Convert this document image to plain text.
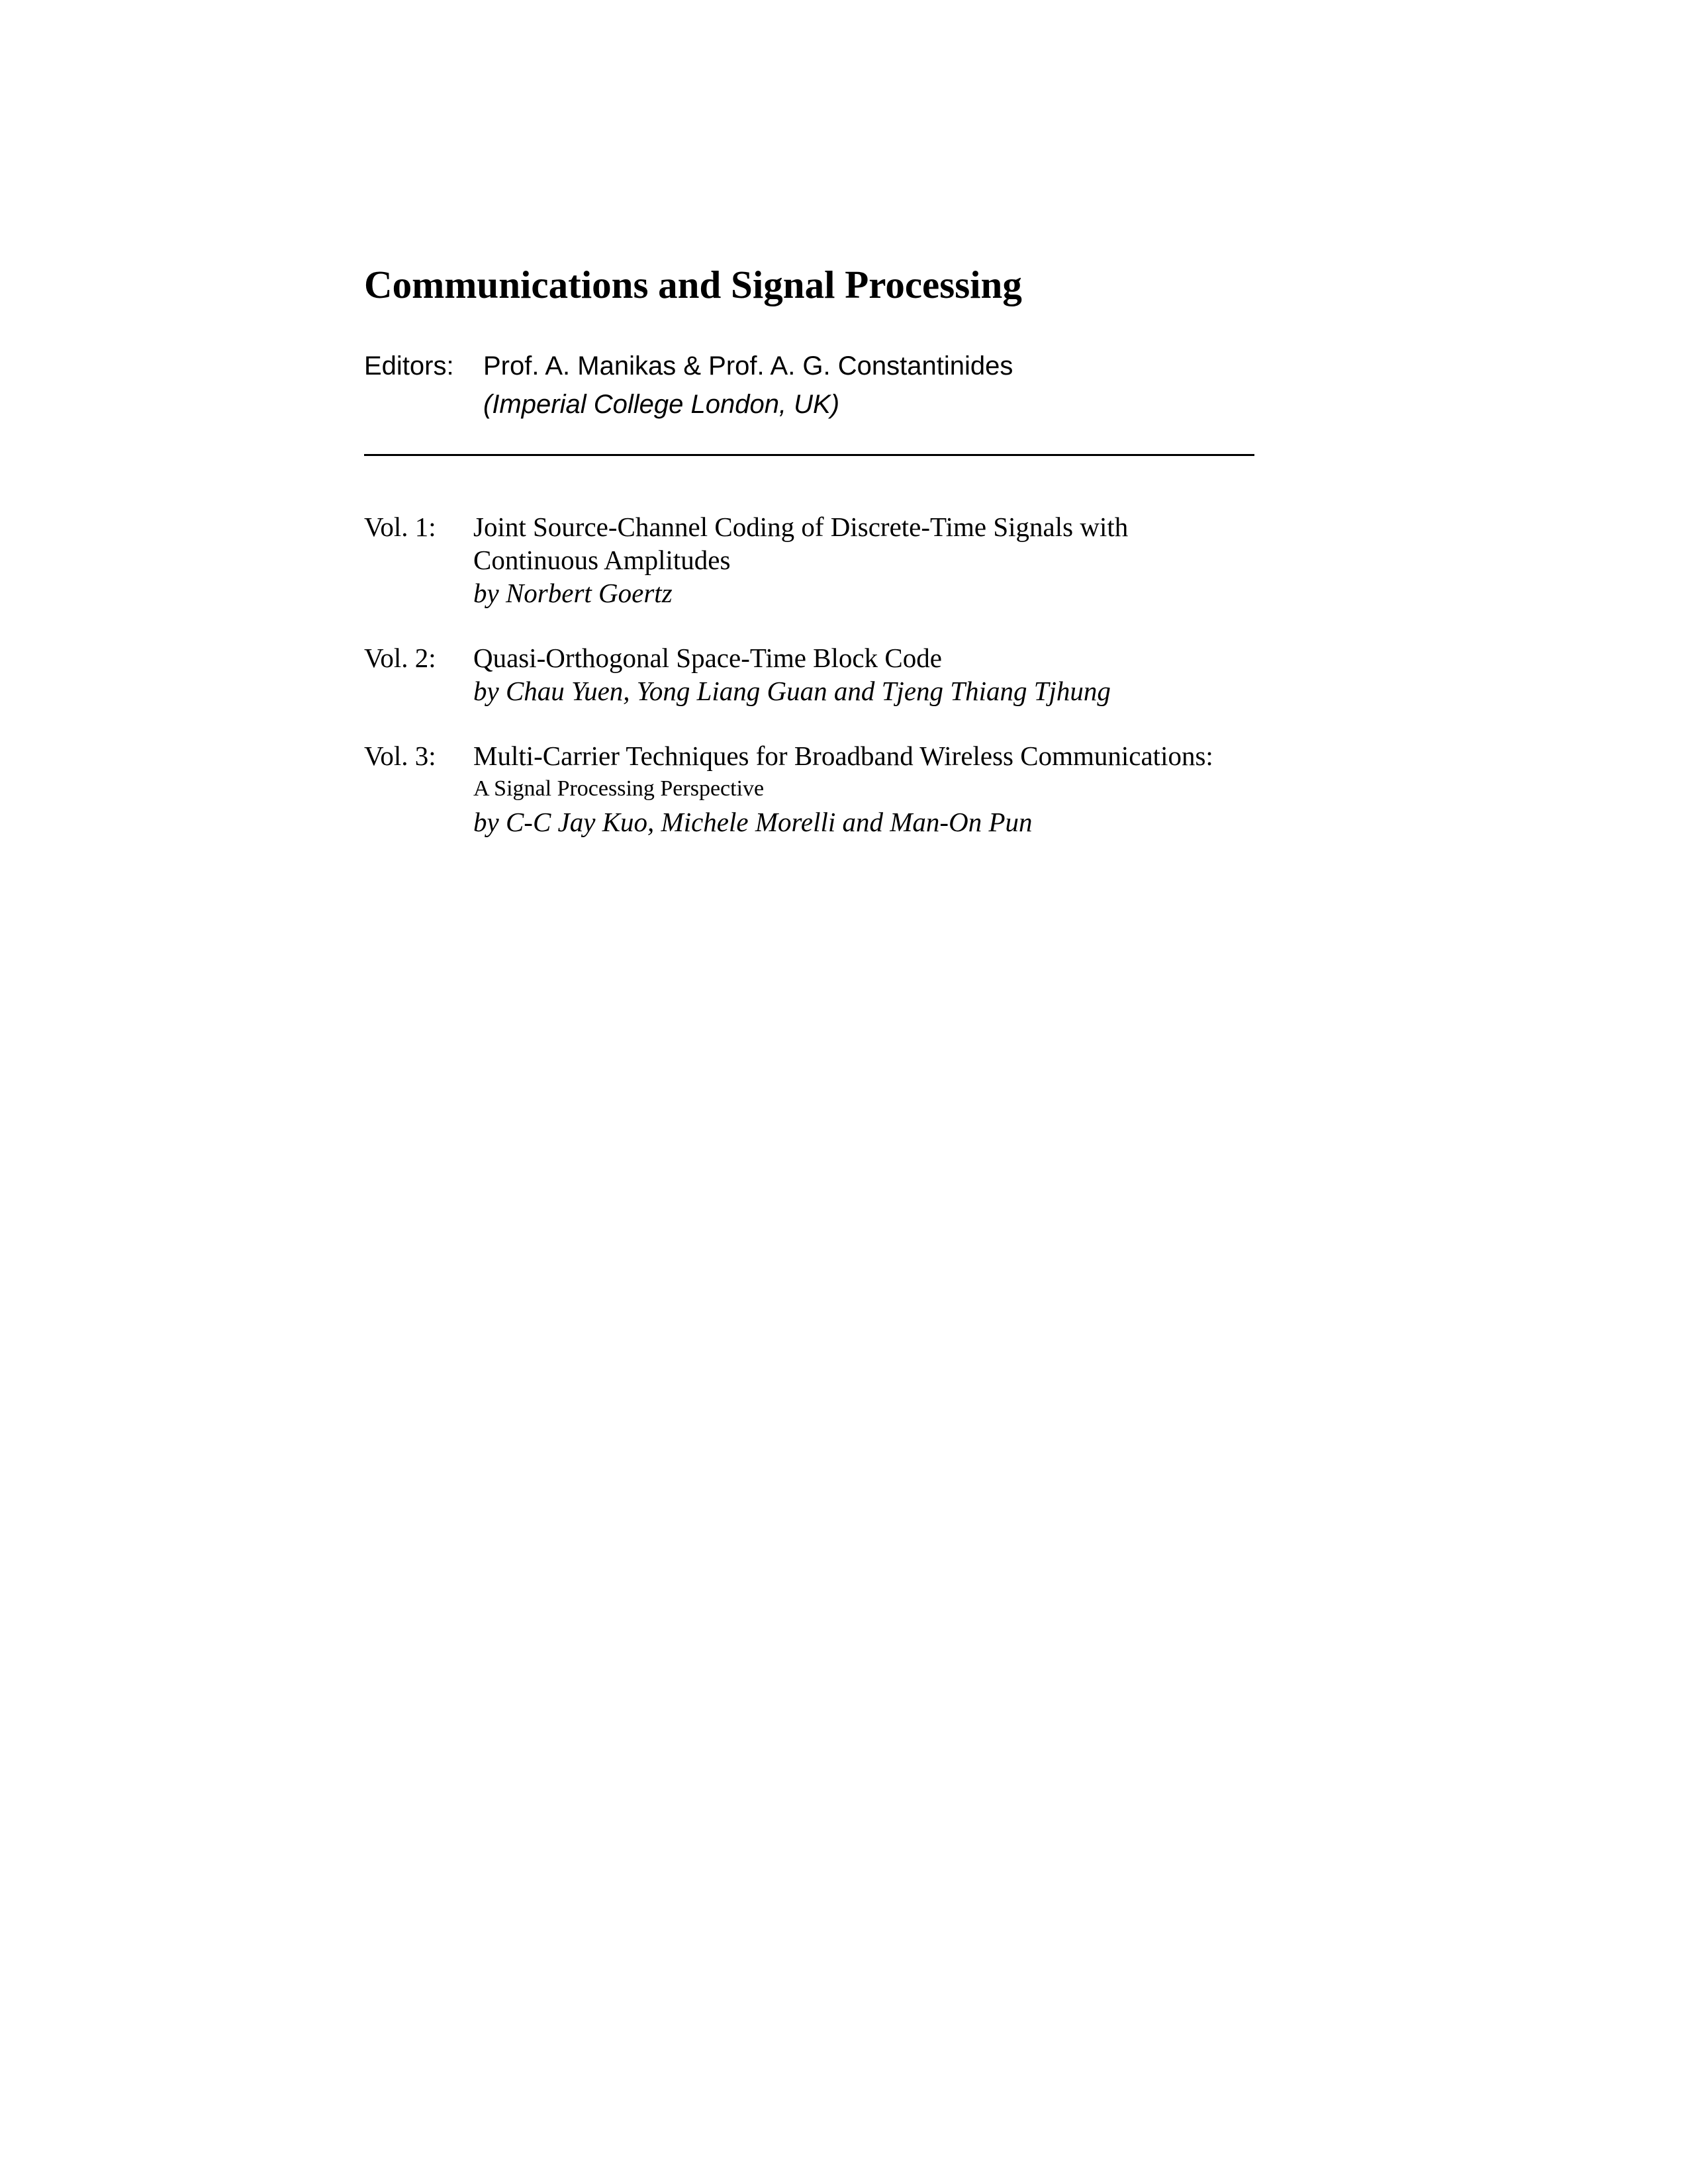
Communications and Signal Processing
Editors:	Prof. A. Manikas & Prof. A. G. Constantinides
(Imperial College London, UK)
Vol. 1:	Joint Source-Channel Coding of Discrete-Time Signals with
Continuous Amplitudes
by Norbert Goertz
Vol. 2:	Quasi-Orthogonal Space-Time Block Code
by Chau Yuen, Yong Liang Guan and Tjeng Thiang Tjhung
Vol. 3:	Multi-Carrier Techniques for Broadband Wireless Communications:
A Signal Processing Perspective
by C-C Jay Kuo, Michele Morelli and Man-On Pun
